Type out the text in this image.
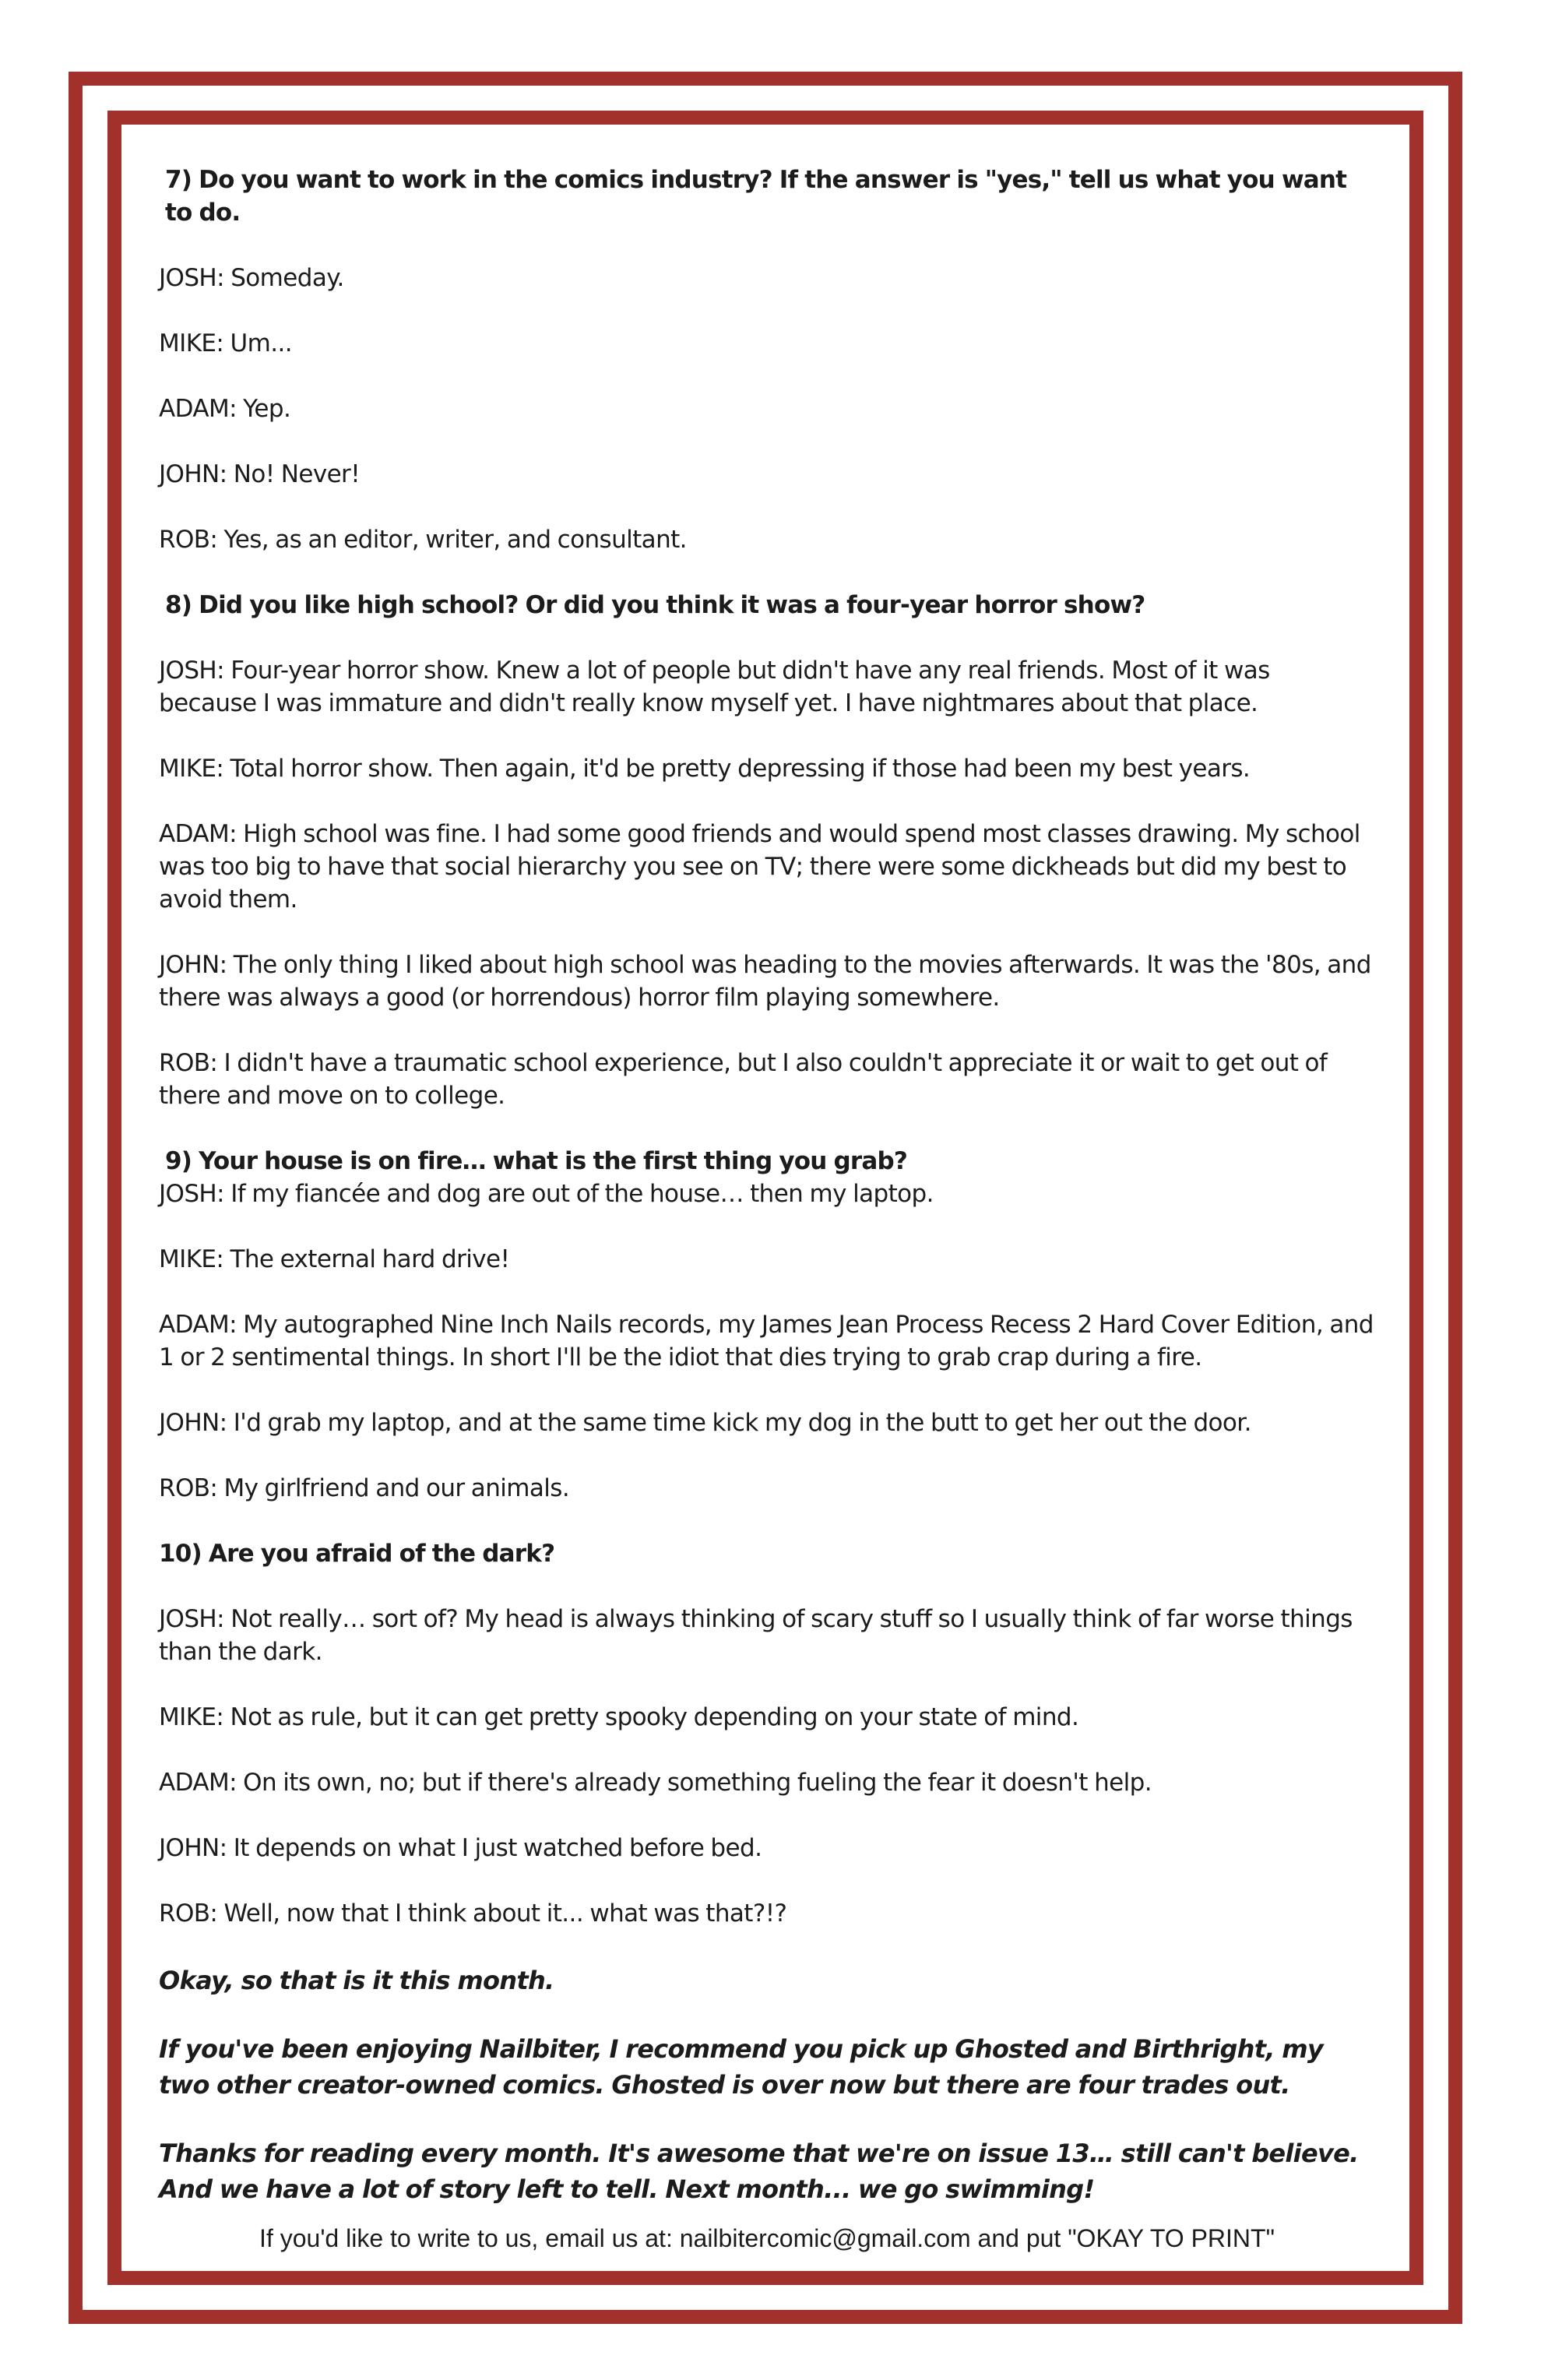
7) Do you want to work in the comics industry? If the answer is "yes," tell us what you want to do.

JOSH: Someday.

MIKE: Um...

ADAM: Yep.

JOHN: No! Never!

ROB: Yes, as an editor, writer, and consultant.

8) Did you like high school? Or did you think it was a four-year horror show?

JOSH: Four-year horror show. Knew a lot of people but didn't have any real friends. Most of it was because I was immature and didn't really know myself yet. I have nightmares about that place.

MIKE: Total horror show. Then again, it'd be pretty depressing if those had been my best years.

ADAM: High school was fine. I had some good friends and would spend most classes drawing. My school was too big to have that social hierarchy you see on TV; there were some dickheads but did my best to avoid them.

JOHN: The only thing I liked about high school was heading to the movies afterwards. It was the '80s, and there was always a good (or horrendous) horror film playing somewhere.

ROB: I didn't have a traumatic school experience, but I also couldn't appreciate it or wait to get out of there and move on to college.

9) Your house is on fire… what is the first thing you grab?

JOSH: If my fiancée and dog are out of the house… then my laptop.

MIKE: The external hard drive!

ADAM: My autographed Nine Inch Nails records, my James Jean Process Recess 2 Hard Cover Edition, and 1 or 2 sentimental things. In short I'll be the idiot that dies trying to grab crap during a fire.

JOHN: I'd grab my laptop, and at the same time kick my dog in the butt to get her out the door.

ROB: My girlfriend and our animals.

10) Are you afraid of the dark?

JOSH: Not really… sort of? My head is always thinking of scary stuff so I usually think of far worse things than the dark.

MIKE: Not as rule, but it can get pretty spooky depending on your state of mind.

ADAM: On its own, no; but if there's already something fueling the fear it doesn't help.

JOHN: It depends on what I just watched before bed.

ROB: Well, now that I think about it... what was that?!?

Okay, so that is it this month.

If you've been enjoying Nailbiter, I recommend you pick up Ghosted and Birthright, my two other creator-owned comics. Ghosted is over now but there are four trades out.

Thanks for reading every month. It's awesome that we're on issue 13… still can't believe. And we have a lot of story left to tell. Next month... we go swimming!

If you'd like to write to us, email us at: nailbitercomic@gmail.com and put "OKAY TO PRINT"
